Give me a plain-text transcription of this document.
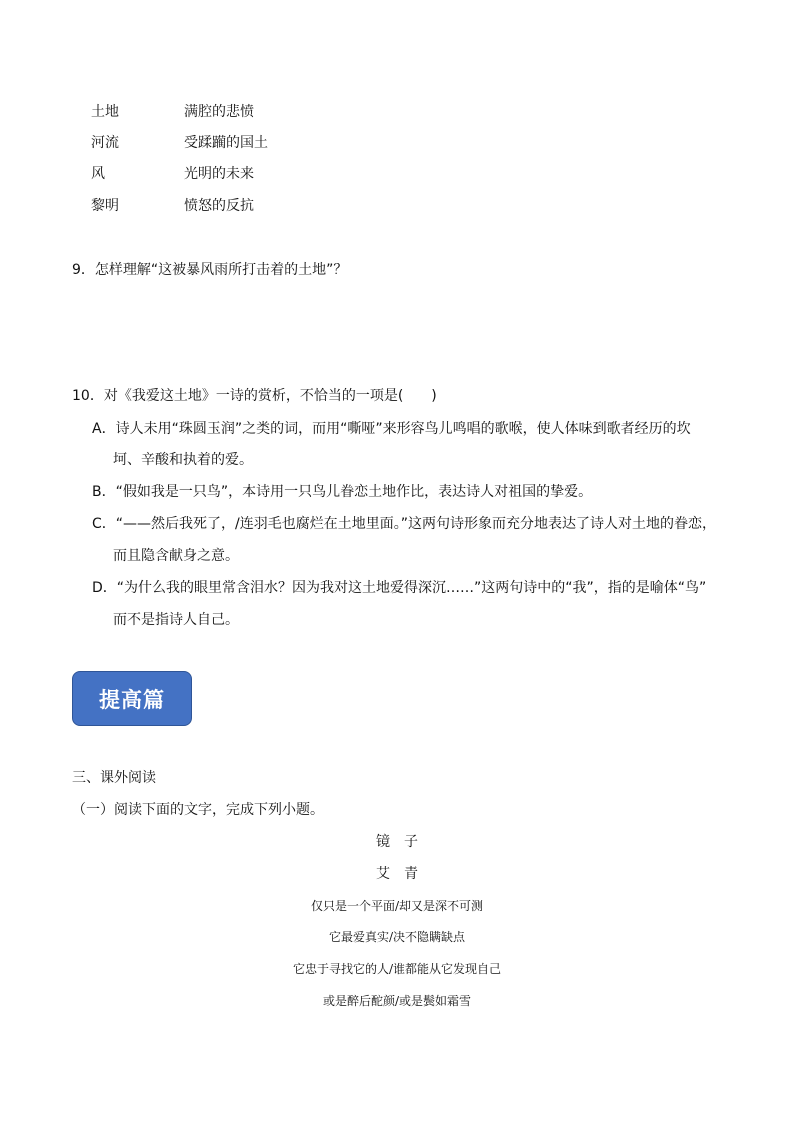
土地	满腔的悲愤
河流	受蹂躏的国土
风	光明的未来
黎明	愤怒的反抗
9．怎样理解“这被暴风雨所打击着的土地”？
10．对《我爱这土地》一诗的赏析，不恰当的一项是(　　)
A．诗人未用“珠圆玉润”之类的词，而用“嘶哑”来形容鸟儿鸣唱的歌喉，使人体味到歌者经历的坎
坷、辛酸和执着的爱。
B．“假如我是一只鸟”，本诗用一只鸟儿眷恋土地作比，表达诗人对祖国的挚爱。
C．“——然后我死了，/连羽毛也腐烂在土地里面。”这两句诗形象而充分地表达了诗人对土地的眷恋，
而且隐含献身之意。
D．“为什么我的眼里常含泪水？因为我对这土地爱得深沉……”这两句诗中的“我”，指的是喻体“鸟”
而不是指诗人自己。
提高篇
三、课外阅读
（一）阅读下面的文字，完成下列小题。
镜　子
艾　青
仅只是一个平面/却又是深不可测
它最爱真实/决不隐瞒缺点
它忠于寻找它的人/谁都能从它发现自己
或是醉后酡颜/或是鬓如霜雪
